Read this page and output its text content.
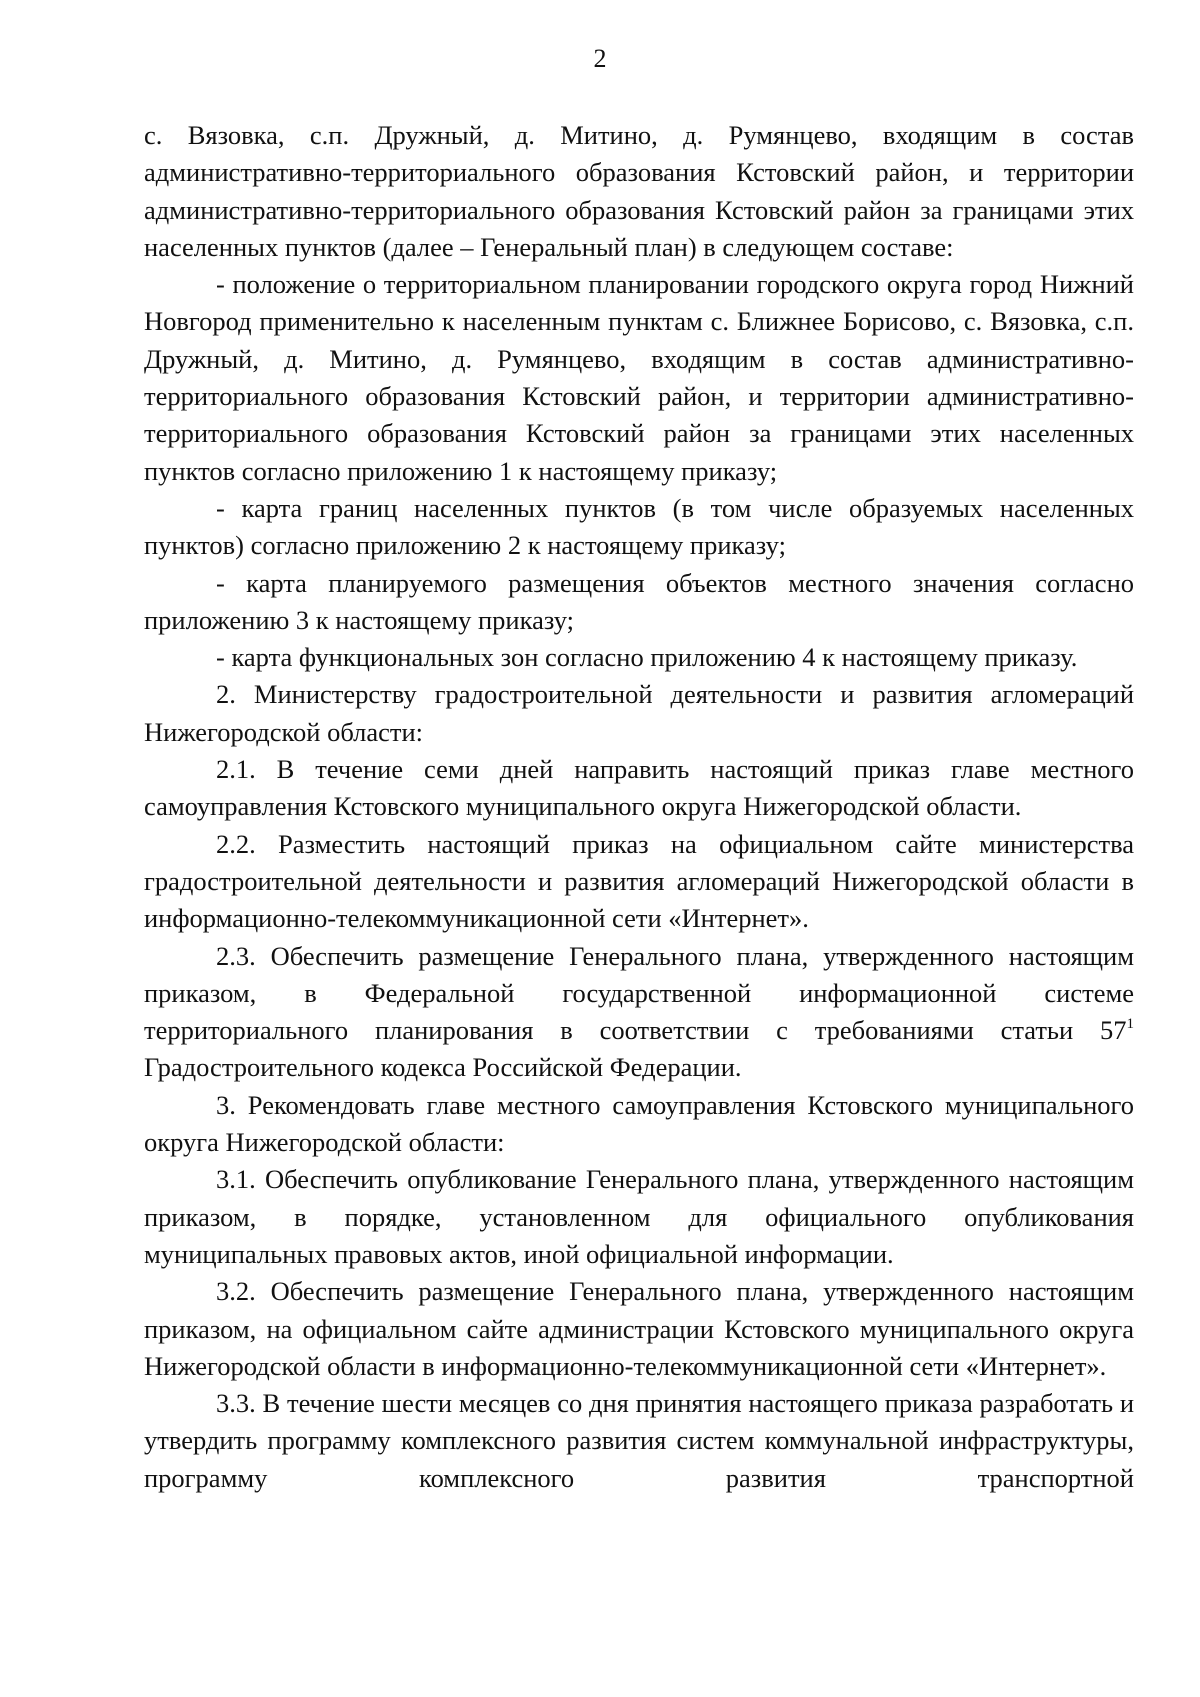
2

с. Вязовка, с.п. Дружный, д. Митино, д. Румянцево, входящим в состав административно-территориального образования Кстовский район, и территории административно-территориального образования Кстовский район за границами этих населенных пунктов (далее – Генеральный план) в следующем составе:

- положение о территориальном планировании городского округа город Нижний Новгород применительно к населенным пунктам с. Ближнее Борисово, с. Вязовка, с.п. Дружный, д. Митино, д. Румянцево, входящим в состав административно-территориального образования Кстовский район, и территории административно-территориального образования Кстовский район за границами этих населенных пунктов согласно приложению 1 к настоящему приказу;

- карта границ населенных пунктов (в том числе образуемых населенных пунктов) согласно приложению 2 к настоящему приказу;

- карта планируемого размещения объектов местного значения согласно приложению 3 к настоящему приказу;

- карта функциональных зон согласно приложению 4 к настоящему приказу.

2. Министерству градостроительной деятельности и развития агломераций Нижегородской области:

2.1. В течение семи дней направить настоящий приказ главе местного самоуправления Кстовского муниципального округа Нижегородской области.

2.2. Разместить настоящий приказ на официальном сайте министерства градостроительной деятельности и развития агломераций Нижегородской области в информационно-телекоммуникационной сети «Интернет».

2.3. Обеспечить размещение Генерального плана, утвержденного настоящим приказом, в Федеральной государственной информационной системе территориального планирования в соответствии с требованиями статьи $57^1$ Градостроительного кодекса Российской Федерации.

3. Рекомендовать главе местного самоуправления Кстовского муниципального округа Нижегородской области:

3.1. Обеспечить опубликование Генерального плана, утвержденного настоящим приказом, в порядке, установленном для официального опубликования муниципальных правовых актов, иной официальной информации.

3.2. Обеспечить размещение Генерального плана, утвержденного настоящим приказом, на официальном сайте администрации Кстовского муниципального округа Нижегородской области в информационно-телекоммуникационной сети «Интернет».

3.3. В течение шести месяцев со дня принятия настоящего приказа разработать и утвердить программу комплексного развития систем коммунальной инфраструктуры, программу комплексного развития транспортной
